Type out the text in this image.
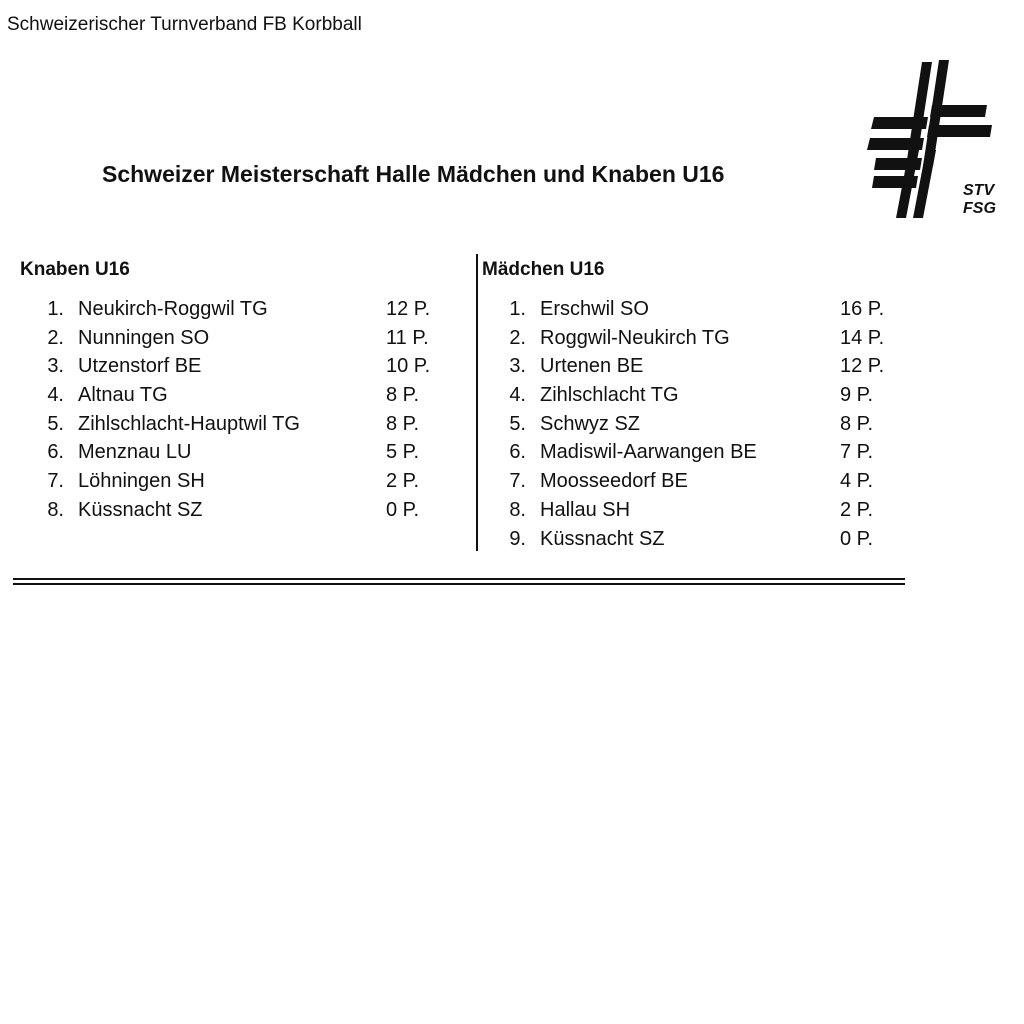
Schweizerischer Turnverband FB Korbball
STV
FSG
Schweizer Meisterschaft Halle Mädchen und Knaben U16
Knaben U16
1. Neukirch-Roggwil TG	12 P.
2. Nunningen SO	11 P.
3. Utzenstorf BE	10 P.
4. Altnau TG	8 P.
5. Zihlschlacht-Hauptwil TG	8 P.
6. Menznau LU	5 P.
7. Löhningen SH	2 P.
8. Küssnacht SZ	0 P.
Mädchen U16
1. Erschwil SO	16 P.
2. Roggwil-Neukirch TG	14 P.
3. Urtenen BE	12 P.
4. Zihlschlacht TG	9 P.
5. Schwyz SZ	8 P.
6. Madiswil-Aarwangen BE	7 P.
7. Moosseedorf BE	4 P.
8. Hallau SH	2 P.
9. Küssnacht SZ	0 P.
